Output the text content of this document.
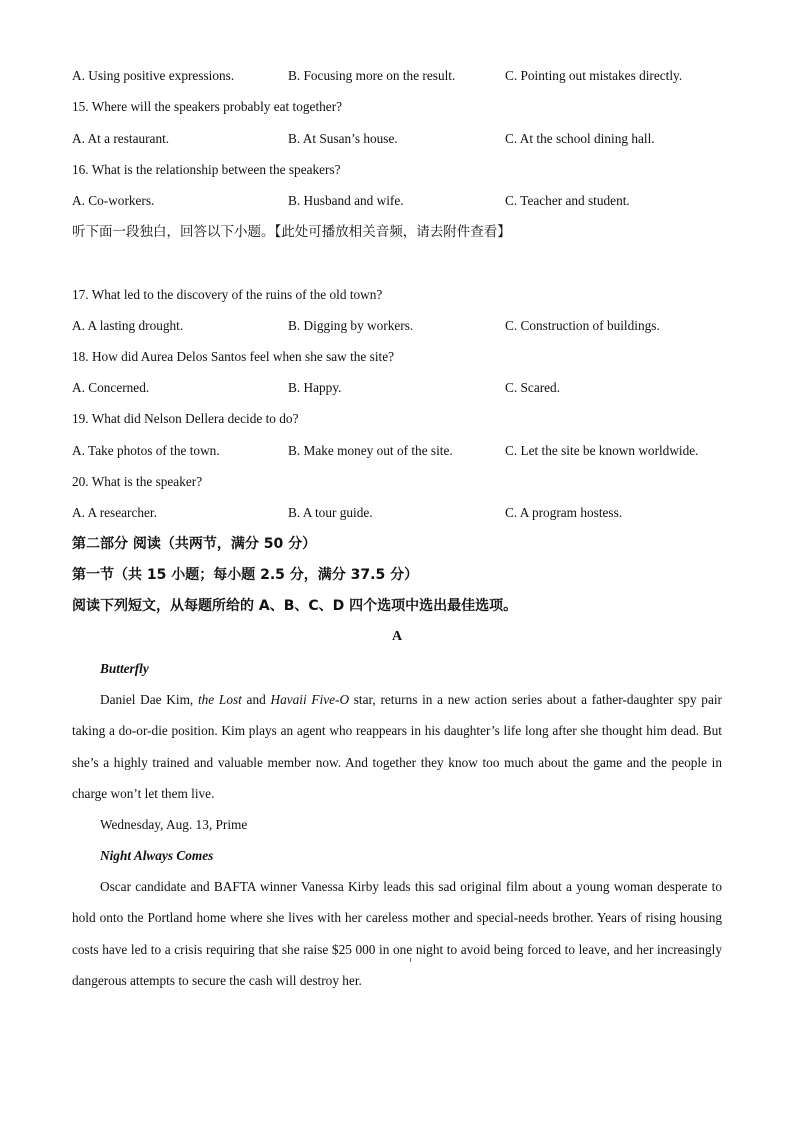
A. Using positive expressions.	B. Focusing more on the result.	C. Pointing out mistakes directly.
15. Where will the speakers probably eat together?
A. At a restaurant.	B. At Susan’s house.	C. At the school dining hall.
16. What is the relationship between the speakers?
A. Co-workers.	B. Husband and wife.	C. Teacher and student.
听下面一段独白，回答以下小题。【此处可播放相关音频，请去附件查看】
17. What led to the discovery of the ruins of the old town?
A. A lasting drought.	B. Digging by workers.	C. Construction of buildings.
18. How did Aurea Delos Santos feel when she saw the site?
A. Concerned.	B. Happy.	C. Scared.
19. What did Nelson Dellera decide to do?
A. Take photos of the town.	B. Make money out of the site.	C. Let the site be known worldwide.
20. What is the speaker?
A. A researcher.	B. A tour guide.	C. A program hostess.
第二部分 阅读（共两节，满分 50 分）
第一节（共 15 小题；每小题 2.5 分，满分 37.5 分）
阅读下列短文，从每题所给的 A、B、C、D 四个选项中选出最佳选项。
A
Butterfly
Daniel Dae Kim, the Lost and Havaii Five-O star, returns in a new action series about a father-daughter spy pair taking a do-or-die position. Kim plays an agent who reappears in his daughter’s life long after she thought him dead. But she’s a highly trained and valuable member now. And together they know too much about the game and the people in charge won’t let them live.
Wednesday, Aug. 13, Prime
Night Always Comes
Oscar candidate and BAFTA winner Vanessa Kirby leads this sad original film about a young woman desperate to hold onto the Portland home where she lives with her careless mother and special-needs brother. Years of rising housing costs have led to a crisis requiring that she raise $25 000 in one night to avoid being forced to leave, and her increasingly dangerous attempts to secure the cash will destroy her.
